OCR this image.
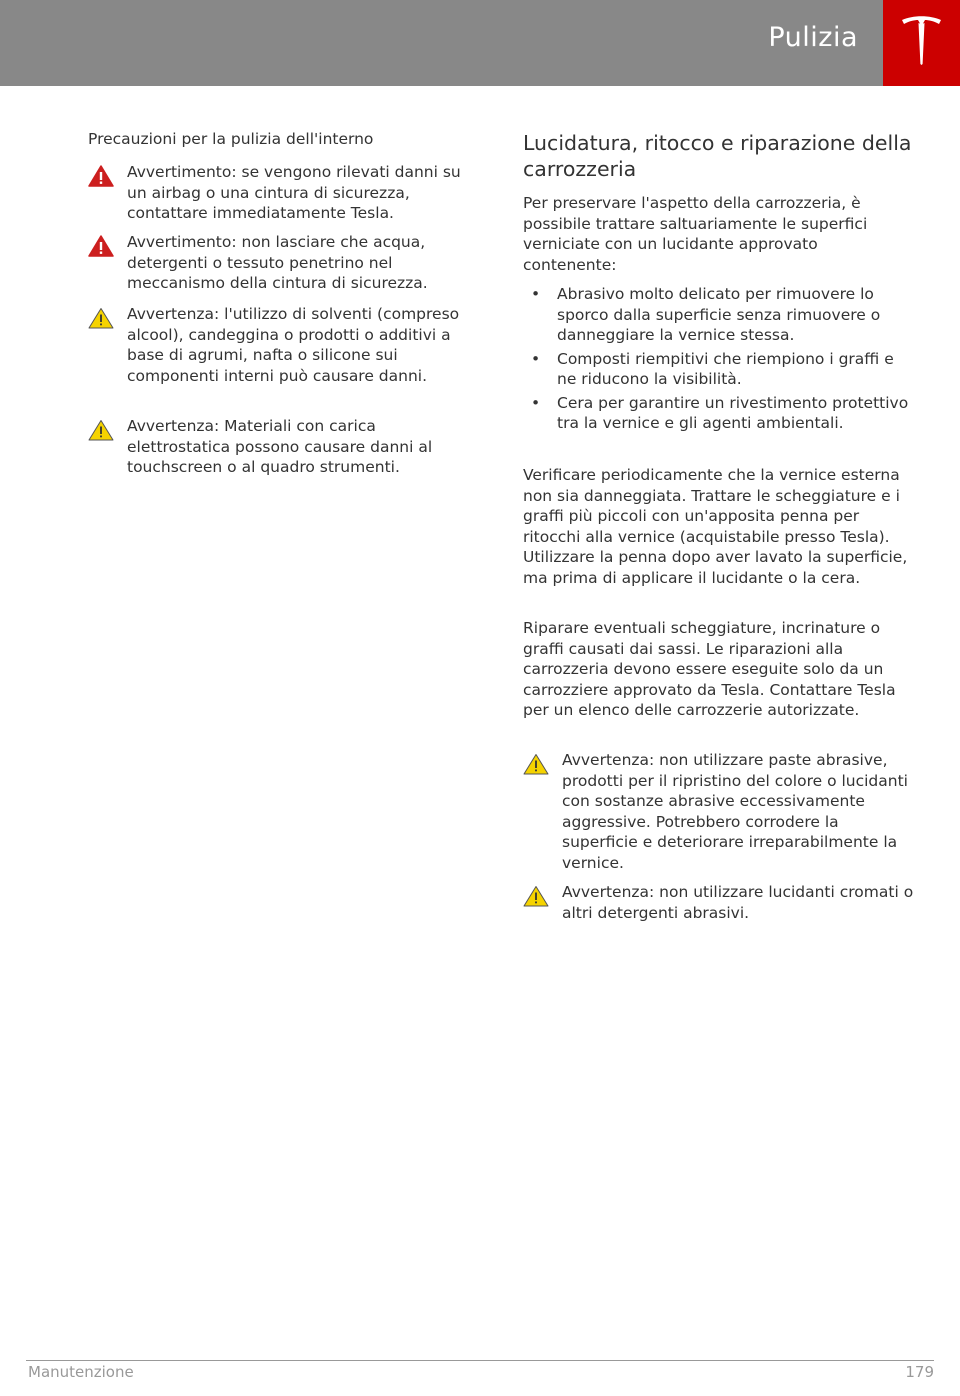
Pulizia
Precauzioni per la pulizia dell'interno
Avvertimento: se vengono rilevati danni su un airbag o una cintura di sicurezza, contattare immediatamente Tesla.
Avvertimento: non lasciare che acqua, detergenti o tessuto penetrino nel meccanismo della cintura di sicurezza.
Avvertenza: l'utilizzo di solventi (compreso alcool), candeggina o prodotti o additivi a base di agrumi, nafta o silicone sui componenti interni può causare danni.
Avvertenza: Materiali con carica elettrostatica possono causare danni al touchscreen o al quadro strumenti.
Lucidatura, ritocco e riparazione della carrozzeria
Per preservare l'aspetto della carrozzeria, è possibile trattare saltuariamente le superfici verniciate con un lucidante approvato contenente:
• Abrasivo molto delicato per rimuovere lo sporco dalla superficie senza rimuovere o danneggiare la vernice stessa.
• Composti riempitivi che riempiono i graffi e ne riducono la visibilità.
• Cera per garantire un rivestimento protettivo tra la vernice e gli agenti ambientali.
Verificare periodicamente che la vernice esterna non sia danneggiata. Trattare le scheggiature e i graffi più piccoli con un'apposita penna per ritocchi alla vernice (acquistabile presso Tesla). Utilizzare la penna dopo aver lavato la superficie, ma prima di applicare il lucidante o la cera.
Riparare eventuali scheggiature, incrinature o graffi causati dai sassi. Le riparazioni alla carrozzeria devono essere eseguite solo da un carrozziere approvato da Tesla. Contattare Tesla per un elenco delle carrozzerie autorizzate.
Avvertenza: non utilizzare paste abrasive, prodotti per il ripristino del colore o lucidanti con sostanze abrasive eccessivamente aggressive. Potrebbero corrodere la superficie e deteriorare irreparabilmente la vernice.
Avvertenza: non utilizzare lucidanti cromati o altri detergenti abrasivi.
Manutenzione	179
